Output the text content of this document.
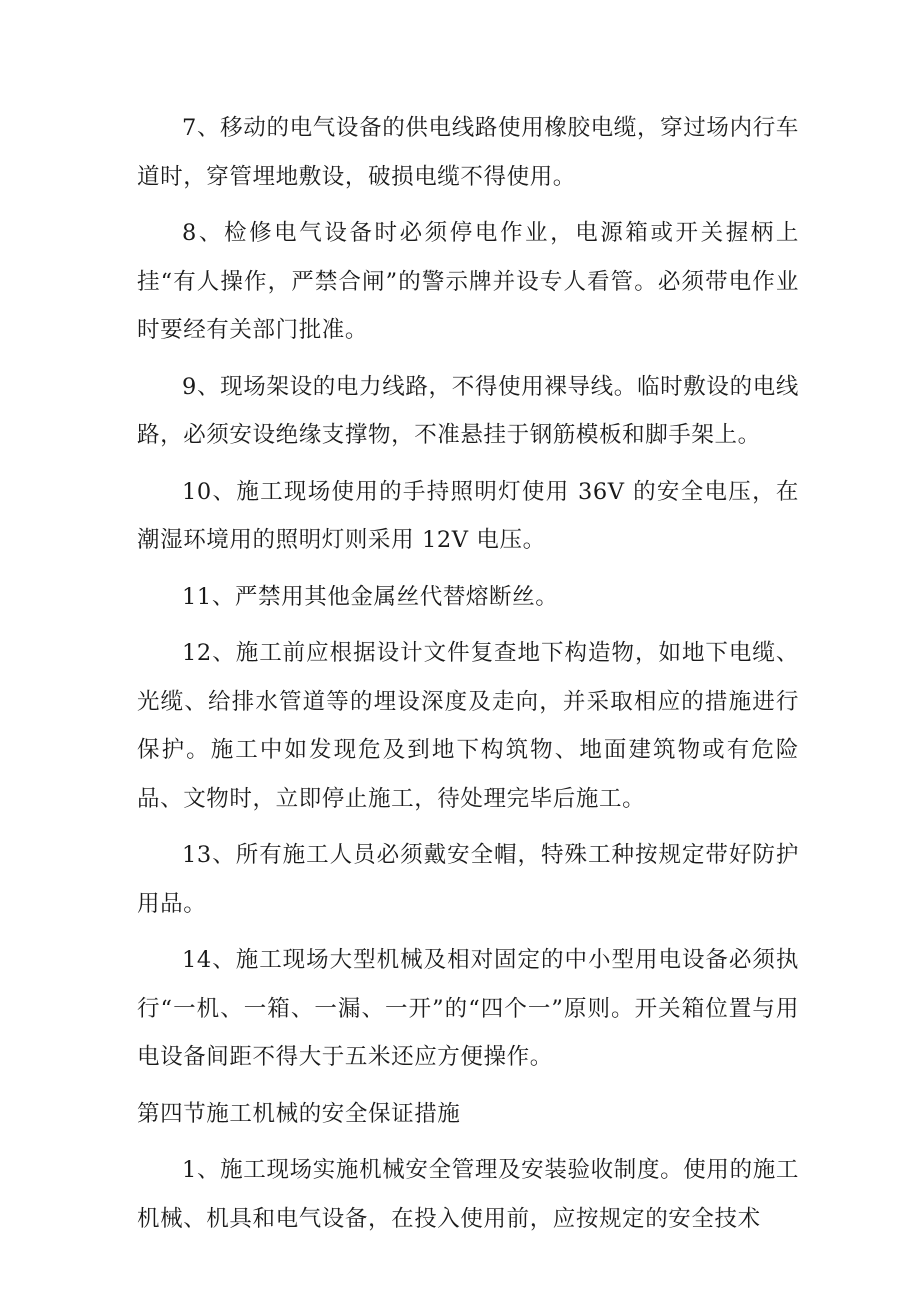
7、移动的电气设备的供电线路使用橡胶电缆，穿过场内行车道时，穿管埋地敷设，破损电缆不得使用。

8、检修电气设备时必须停电作业，电源箱或开关握柄上挂“有人操作，严禁合闸”的警示牌并设专人看管。必须带电作业时要经有关部门批准。

9、现场架设的电力线路，不得使用裸导线。临时敷设的电线路，必须安设绝缘支撑物，不准悬挂于钢筋模板和脚手架上。

10、施工现场使用的手持照明灯使用 36V 的安全电压，在潮湿环境用的照明灯则采用 12V 电压。

11、严禁用其他金属丝代替熔断丝。

12、施工前应根据设计文件复查地下构造物，如地下电缆、光缆、给排水管道等的埋设深度及走向，并采取相应的措施进行保护。施工中如发现危及到地下构筑物、地面建筑物或有危险品、文物时，立即停止施工，待处理完毕后施工。

13、所有施工人员必须戴安全帽，特殊工种按规定带好防护用品。

14、施工现场大型机械及相对固定的中小型用电设备必须执行“一机、一箱、一漏、一开”的“四个一”原则。开关箱位置与用电设备间距不得大于五米还应方便操作。

第四节施工机械的安全保证措施

1、施工现场实施机械安全管理及安装验收制度。使用的施工机械、机具和电气设备，在投入使用前，应按规定的安全技术
